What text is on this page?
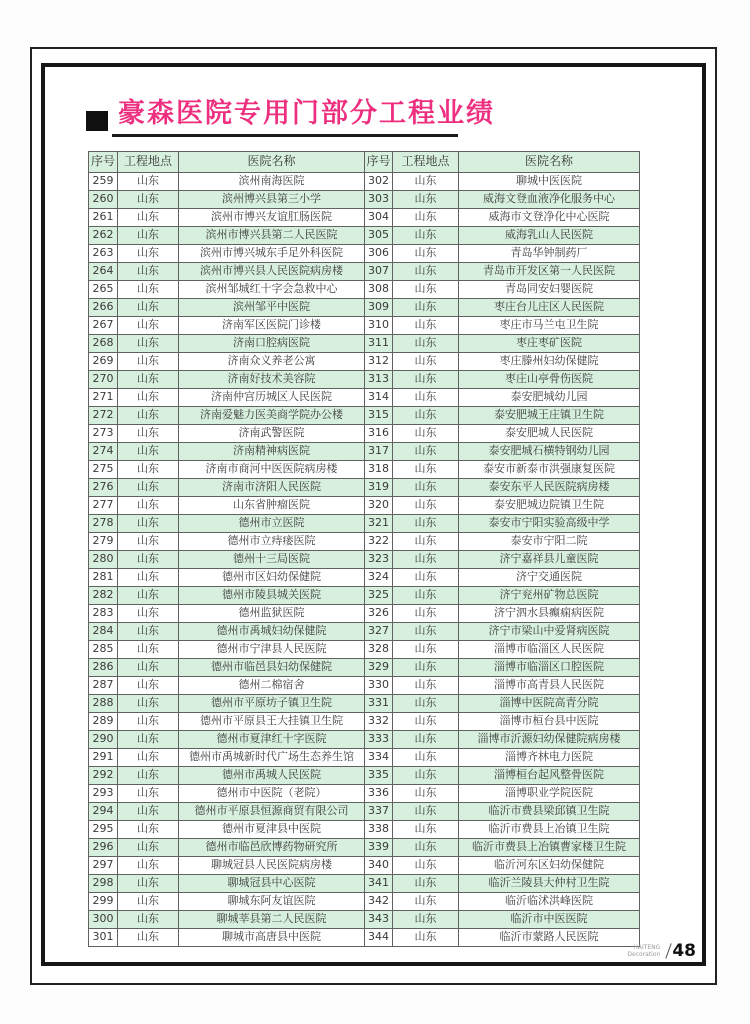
豪森医院专用门部分工程业绩
序号	工程地点	医院名称	序号	工程地点	医院名称
259	山东	滨州南海医院	302	山东	聊城中医医院
260	山东	滨州博兴县第三小学	303	山东	威海文登血液净化服务中心
261	山东	滨州市博兴友谊肛肠医院	304	山东	威海市文登净化中心医院
262	山东	滨州市博兴县第二人民医院	305	山东	威海乳山人民医院
263	山东	滨州市博兴城东手足外科医院	306	山东	青岛华钟制药厂
264	山东	滨州市博兴县人民医院病房楼	307	山东	青岛市开发区第一人民医院
265	山东	滨州邹城红十字会急救中心	308	山东	青岛同安妇婴医院
266	山东	滨州邹平中医院	309	山东	枣庄台儿庄区人民医院
267	山东	济南军区医院门诊楼	310	山东	枣庄市马兰屯卫生院
268	山东	济南口腔病医院	311	山东	枣庄枣矿医院
269	山东	济南众义养老公寓	312	山东	枣庄滕州妇幼保健院
270	山东	济南好技术美容院	313	山东	枣庄山亭骨伤医院
271	山东	济南仲宫历城区人民医院	314	山东	泰安肥城幼儿园
272	山东	济南爱魅力医美商学院办公楼	315	山东	泰安肥城王庄镇卫生院
273	山东	济南武警医院	316	山东	泰安肥城人民医院
274	山东	济南精神病医院	317	山东	泰安肥城石横特钢幼儿园
275	山东	济南市商河中医医院病房楼	318	山东	泰安市新泰市洪强康复医院
276	山东	济南市济阳人民医院	319	山东	泰安东平人民医院病房楼
277	山东	山东省肿瘤医院	320	山东	泰安肥城边院镇卫生院
278	山东	德州市立医院	321	山东	泰安市宁阳实验高级中学
279	山东	德州市立痔瘘医院	322	山东	泰安市宁阳二院
280	山东	德州十三局医院	323	山东	济宁嘉祥县儿童医院
281	山东	德州市区妇幼保健院	324	山东	济宁交通医院
282	山东	德州市陵县城关医院	325	山东	济宁兖州矿物总医院
283	山东	德州监狱医院	326	山东	济宁泗水县癫痫病医院
284	山东	德州市禹城妇幼保健院	327	山东	济宁市梁山中爱肾病医院
285	山东	德州市宁津县人民医院	328	山东	淄博市临淄区人民医院
286	山东	德州市临邑县妇幼保健院	329	山东	淄博市临淄区口腔医院
287	山东	德州二棉宿舍	330	山东	淄博市高青县人民医院
288	山东	德州市平原坊子镇卫生院	331	山东	淄博中医院高青分院
289	山东	德州市平原县王大挂镇卫生院	332	山东	淄博市桓台县中医院
290	山东	德州市夏津红十字医院	333	山东	淄博市沂源妇幼保健院病房楼
291	山东	德州市禹城新时代广场生态养生馆	334	山东	淄博齐林电力医院
292	山东	德州市禹城人民医院	335	山东	淄博桓台起风整骨医院
293	山东	德州市中医院（老院）	336	山东	淄博职业学院医院
294	山东	德州市平原县恒源商贸有限公司	337	山东	临沂市费县梁邱镇卫生院
295	山东	德州市夏津县中医院	338	山东	临沂市费县上冶镇卫生院
296	山东	德州市临邑欣博药物研究所	339	山东	临沂市费县上冶镇曹家楼卫生院
297	山东	聊城冠县人民医院病房楼	340	山东	临沂河东区妇幼保健院
298	山东	聊城冠县中心医院	341	山东	临沂兰陵县大仲村卫生院
299	山东	聊城东阿友谊医院	342	山东	临沂临沭洪峰医院
300	山东	聊城莘县第二人民医院	343	山东	临沂市中医医院
301	山东	聊城市高唐县中医院	344	山东	临沂市蒙路人民医院
HAITENG
Decoration 48
